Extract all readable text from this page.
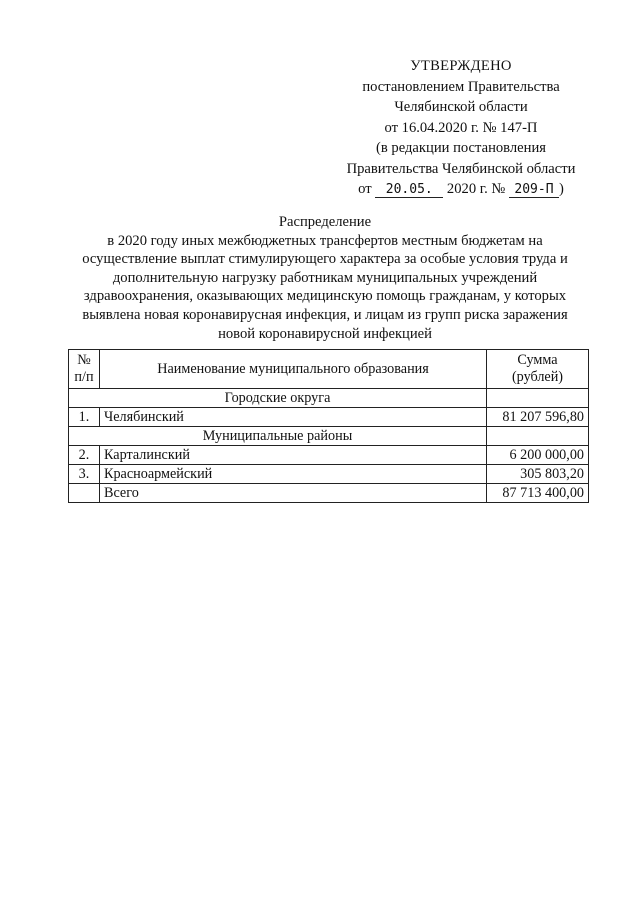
УТВЕРЖДЕНО
постановлением Правительства
Челябинской области
от 16.04.2020 г. № 147-П
(в редакции постановления
Правительства Челябинской области
от 20.05. 2020 г. № 209-П )
Распределение
в 2020 году иных межбюджетных трансфертов местным бюджетам на
осуществление выплат стимулирующего характера за особые условия труда и
дополнительную нагрузку работникам муниципальных учреждений
здравоохранения, оказывающих медицинскую помощь гражданам, у которых
выявлена новая коронавирусная инфекция, и лицам из групп риска заражения
новой коронавирусной инфекцией
№
п/п	Наименование муниципального образования	Сумма
(рублей)
Городские округа		
1.	Челябинский	81 207 596,80
Муниципальные районы		
2.	Карталинский	6 200 000,00
3.	Красноармейский	305 803,20
	Всего	87 713 400,00
